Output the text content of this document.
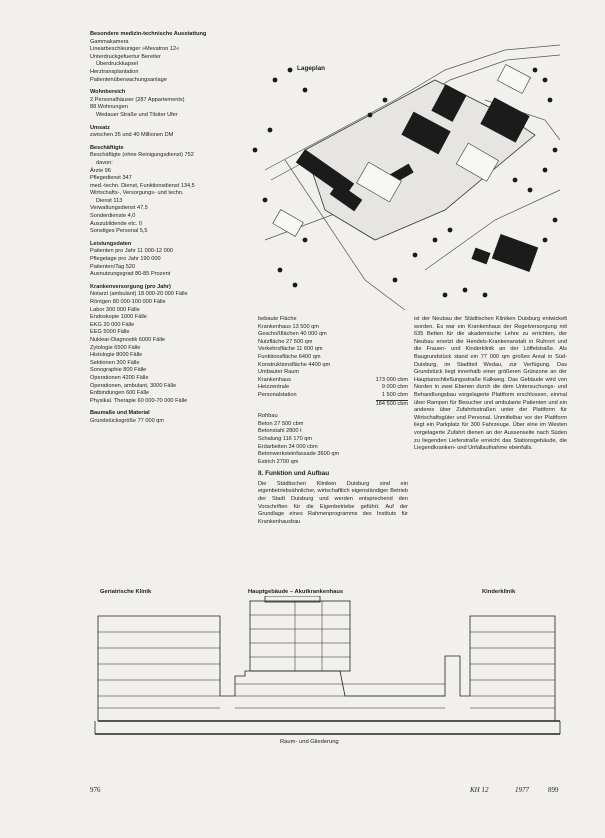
Besondere medizin-technische Ausstattung

Gammakamera

Linearbeschleuniger »Mevatron 12«

Unterdruckgefuertur Bereiter

Überdruckkapsel

Herztransplantation

Patientenüberwachungsanlage

Wohnbereich

2 Personalhäuser (287 Appartements)

88 Wohnungen

Wedauer Straße und Tilsiter Ufer

Umsatz

zwischen 35 und 40 Millionen DM

Beschäftigte

Beschäftigte (ohne Reinigungsdienst) 752

davon:

Ärzte 96

Pflegedienst 347

med.-techn. Dienst, Funktionsdienst 134,5

Wirtschafts-, Versorgungs- und techn.

Dienst 113

Verwaltungsdienst 47,5

Sonderdienste 4,0

Auszubildende etc. 0

Sonstiges Personal 5,5

Leistungsdaten

Patienten pro Jahr 11 000-12 000

Pflegetage pro Jahr 190 000

Patienten/Tag 520

Ausnutzungsgrad 80-85 Prozent

Krankenversorgung (pro Jahr)

Notarzt (ambulant) 18 000-20 000 Fälle

Röntgen 80 000-100 000 Fälle

Labor 300 000 Fälle

Endoskopie 1000 Fälle

EKG 20 000 Fälle

EEG 5000 Fälle

Nuklear-Diagnostik 6000 Fälle

Zytologie 6500 Fälle

Histologie 8000 Fälle

Sektionen 300 Fälle

Sonographie 800 Fälle

Operationen 4200 Fälle

Operationen, ambulant, 3000 Fälle

Entbindungen 600 Fälle

Physikal. Therapie 60 000-70 000 Fälle

Baumaße und Material

Grundstücksgröße 77 000 qm

Lageplan

bebaute Fläche

Krankenhaus 13 500 qm

Geschoßflächen 40 000 qm

Nutzfläche 27 500 qm

Verkehrsfläche 11 600 qm

Funktionsfläche 6400 qm

Konstruktionsfläche 4400 qm

Umbauter Raum

Krankenhaus	173 000 cbm
Heizzentrale	9 000 cbm
Personalstation	1 500 cbm
184 500 cbm

Rohbau

Beton 27 500 cbm

Betonstahl 2800 t

Schalung 116 170 qm

Erdarbeiten 34 000 cbm

Betonwerksteinfassade 3600 qm

Estrich 2700 qm

II. Funktion und Aufbau

Die Städtischen Kliniken Duisburg sind ein eigenbetriebsähnlicher, wirtschaftlich eigenständiger Betrieb der Stadt Duisburg und werden entsprechend den Vorschriften für die Eigenbetriebe geführt. Auf der Grundlage eines Rahmenprogramms des Instituts für Krankenhausbau

ist der Neubau der Städtischen Kliniken Duisburg entwickelt worden. Es war ein Krankenhaus der Regelversorgung mit 635 Betten für die akademische Lehre zu errichten, der Neubau ersetzt die Hendels-Krankenanstalt in Ruhrort und die Frauen- und Kinderklinik an der Löffelstraße. Als Baugrundstück stand ein 77 000 qm großes Areal in Süd-Duisburg, im Stadtteil Wedau, zur Verfügung. Das Grundstück liegt innerhalb einer größeren Grünzone an der Hauptanschließungsstraße Kalkweg. Das Gebäude wird von Norden in zwei Ebenen durch die dem Untersuchungs- und Behandlungsbau vorgelagerte Plattform erschlossen, einmal über Rampen für Besucher und ambulante Patienten und ein anderes über Zufahrtsstraßen unter der Plattform für Wirtschaftsgüter und Personal. Unmittelbar vor der Plattform liegt ein Parkplatz für 300 Fahrzeuge. Über eine im Westen vorgelagerte Zufahrt dienen an der Aussenseite nach Süden zu liegenden Lieferstraße erreicht das Stationsgebäude, die Liegendkranken- und Unfallaufnahme ebenfalls.

Geriatrische Klinik	Hauptgebäude – Akutkrankenhaus	Kinderklinik
Raum- und Gliederung
976	KH 12	1977	899
